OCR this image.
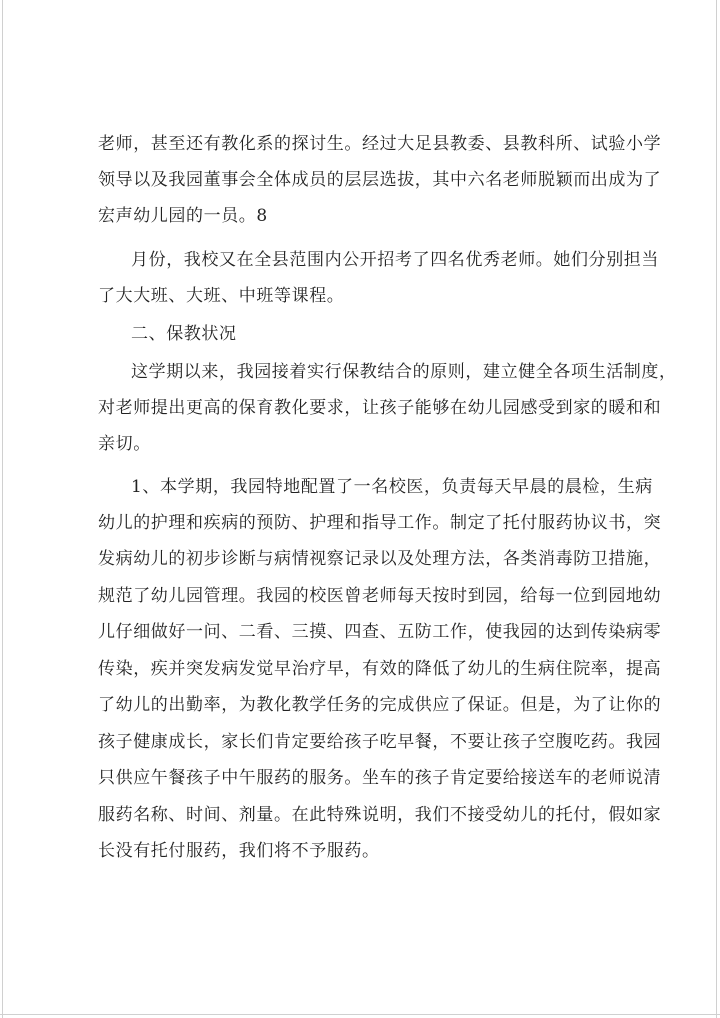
老师，甚至还有教化系的探讨生。经过大足县教委、县教科所、试验小学
领导以及我园董事会全体成员的层层选拔，其中六名老师脱颖而出成为了
宏声幼儿园的一员。8
月份，我校又在全县范围内公开招考了四名优秀老师。她们分别担当
了大大班、大班、中班等课程。
二、保教状况
这学期以来，我园接着实行保教结合的原则，建立健全各项生活制度，
对老师提出更高的保育教化要求，让孩子能够在幼儿园感受到家的暖和和
亲切。
1、本学期，我园特地配置了一名校医，负责每天早晨的晨检，生病
幼儿的护理和疾病的预防、护理和指导工作。制定了托付服药协议书，突
发病幼儿的初步诊断与病情视察记录以及处理方法，各类消毒防卫措施，
规范了幼儿园管理。我园的校医曾老师每天按时到园，给每一位到园地幼
儿仔细做好一问、二看、三摸、四查、五防工作，使我园的达到传染病零
传染，疾并突发病发觉早治疗早，有效的降低了幼儿的生病住院率，提高
了幼儿的出勤率，为教化教学任务的完成供应了保证。但是，为了让你的
孩子健康成长，家长们肯定要给孩子吃早餐，不要让孩子空腹吃药。我园
只供应午餐孩子中午服药的服务。坐车的孩子肯定要给接送车的老师说清
服药名称、时间、剂量。在此特殊说明，我们不接受幼儿的托付，假如家
长没有托付服药，我们将不予服药。
